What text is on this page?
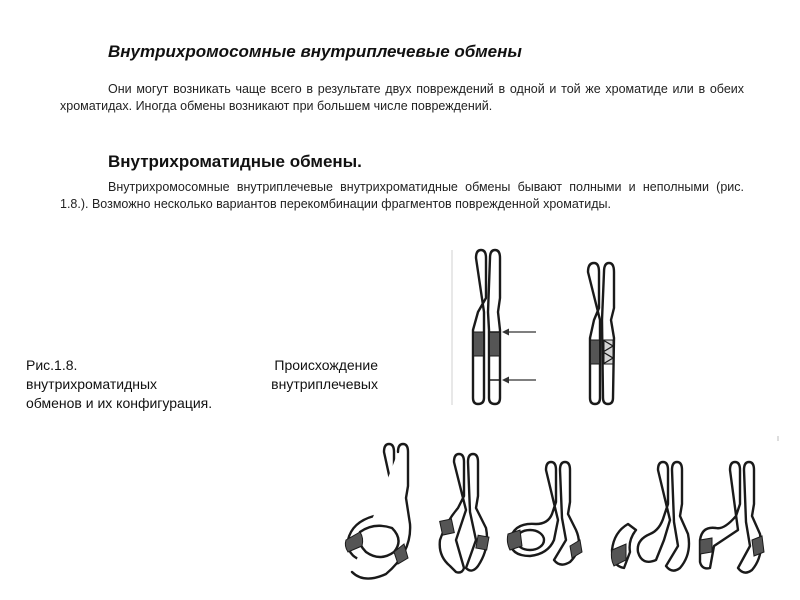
Внутрихромосомные внутриплечевые обмены

Они могут возникать чаще всего в результате двух повреждений в одной и той же хроматиде или в обеих хроматидах. Иногда обмены возникают при большем числе повреждений.

Внутрихроматидные обмены.

Внутрихромосомные внутриплечевые внутрихроматидные обмены бывают полными и неполными (рис. 1.8.). Возможно несколько вариантов перекомбинации фрагментов поврежденной хроматиды.

Рис.1.8. Происхождение
внутрихроматидных внутриплечевых
обменов и их конфигурация.
